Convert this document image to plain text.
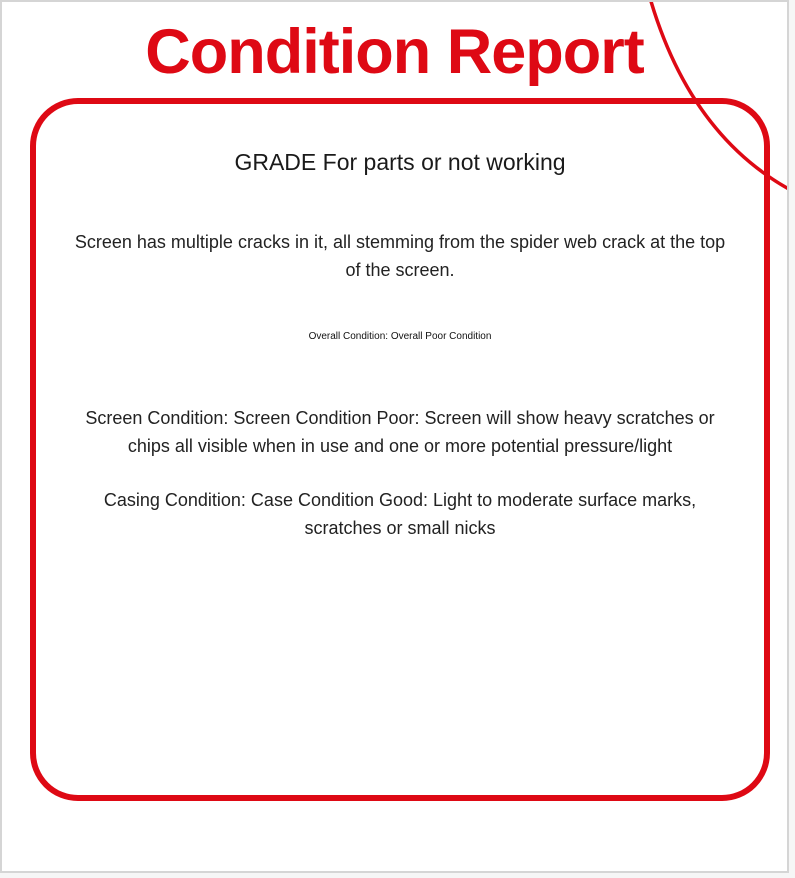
Condition Report
GRADE For parts or not working

Screen has multiple cracks in it, all stemming from the spider web crack at the top of the screen.

Overall Condition: Overall Poor Condition

Screen Condition: Screen Condition Poor: Screen will show heavy scratches or chips all visible when in use and one or more potential pressure/light

Casing Condition: Case Condition Good: Light to moderate surface marks, scratches or small nicks
